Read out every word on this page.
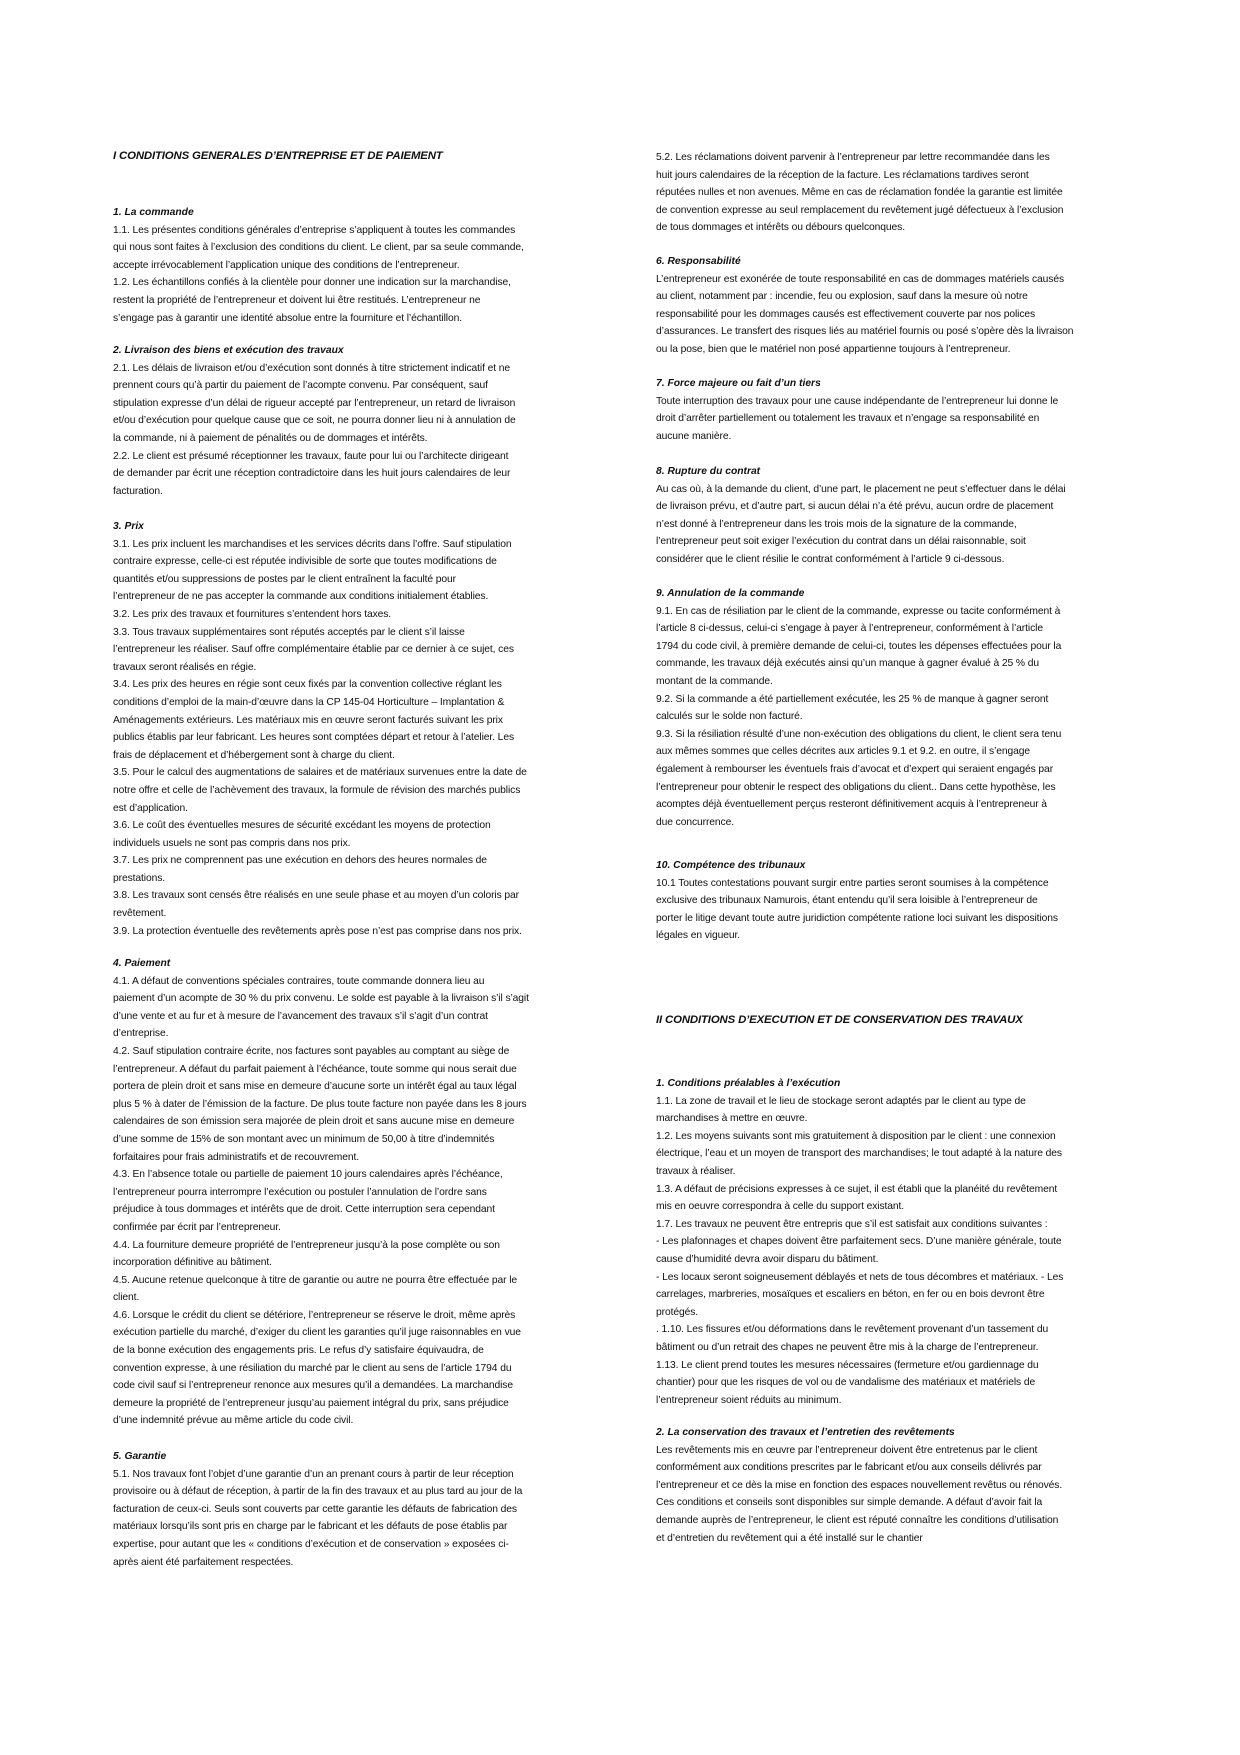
I CONDITIONS GENERALES D’ENTREPRISE ET DE PAIEMENT
1. La commande
1.1. Les présentes conditions générales d’entreprise s’appliquent à toutes les commandes
qui nous sont faites à l’exclusion des conditions du client. Le client, par sa seule commande,
accepte irrévocablement l’application unique des conditions de l’entrepreneur.
1.2. Les échantillons confiés à la clientèle pour donner une indication sur la marchandise,
restent la propriété de l’entrepreneur et doivent lui être restitués. L’entrepreneur ne
s’engage pas à garantir une identité absolue entre la fourniture et l’échantillon.
2. Livraison des biens et exécution des travaux
2.1. Les délais de livraison et/ou d’exécution sont donnés à titre strictement indicatif et ne
prennent cours qu’à partir du paiement de l’acompte convenu. Par conséquent, sauf
stipulation expresse d’un délai de rigueur accepté par l’entrepreneur, un retard de livraison
et/ou d’exécution pour quelque cause que ce soit, ne pourra donner lieu ni à annulation de
la commande, ni à paiement de pénalités ou de dommages et intérêts.
2.2. Le client est présumé réceptionner les travaux, faute pour lui ou l’architecte dirigeant
de demander par écrit une réception contradictoire dans les huit jours calendaires de leur
facturation.
3. Prix
3.1. Les prix incluent les marchandises et les services décrits dans l’offre. Sauf stipulation
contraire expresse, celle-ci est réputée indivisible de sorte que toutes modifications de
quantités et/ou suppressions de postes par le client entraînent la faculté pour
l’entrepreneur de ne pas accepter la commande aux conditions initialement établies.
3.2. Les prix des travaux et fournitures s’entendent hors taxes.
3.3. Tous travaux supplémentaires sont réputés acceptés par le client s’il laisse
l’entrepreneur les réaliser. Sauf offre complémentaire établie par ce dernier à ce sujet, ces
travaux seront réalisés en régie.
3.4. Les prix des heures en régie sont ceux fixés par la convention collective réglant les
conditions d’emploi de la main-d’œuvre dans la CP 145-04 Horticulture – Implantation &
Aménagements extérieurs. Les matériaux mis en œuvre seront facturés suivant les prix
publics établis par leur fabricant. Les heures sont comptées départ et retour à l’atelier. Les
frais de déplacement et d’hébergement sont à charge du client.
3.5. Pour le calcul des augmentations de salaires et de matériaux survenues entre la date de
notre offre et celle de l’achèvement des travaux, la formule de révision des marchés publics
est d’application.
3.6. Le coût des éventuelles mesures de sécurité excédant les moyens de protection
individuels usuels ne sont pas compris dans nos prix.
3.7. Les prix ne comprennent pas une exécution en dehors des heures normales de
prestations.
3.8. Les travaux sont censés être réalisés en une seule phase et au moyen d’un coloris par
revêtement.
3.9. La protection éventuelle des revêtements après pose n’est pas comprise dans nos prix.
4. Paiement
4.1. A défaut de conventions spéciales contraires, toute commande donnera lieu au
paiement d’un acompte de 30 % du prix convenu. Le solde est payable à la livraison s’il s’agit
d’une vente et au fur et à mesure de l’avancement des travaux s’il s’agit d’un contrat
d’entreprise.
4.2. Sauf stipulation contraire écrite, nos factures sont payables au comptant au siège de
l’entrepreneur. A défaut du parfait paiement à l’échéance, toute somme qui nous serait due
portera de plein droit et sans mise en demeure d’aucune sorte un intérêt égal au taux légal
plus 5 % à dater de l’émission de la facture. De plus toute facture non payée dans les 8 jours
calendaires de son émission sera majorée de plein droit et sans aucune mise en demeure
d’une somme de 15% de son montant avec un minimum de 50,00 à titre d’indemnités
forfaitaires pour frais administratifs et de recouvrement.
4.3. En l’absence totale ou partielle de paiement 10 jours calendaires après l’échéance,
l’entrepreneur pourra interrompre l’exécution ou postuler l’annulation de l’ordre sans
préjudice à tous dommages et intérêts que de droit. Cette interruption sera cependant
confirmée par écrit par l’entrepreneur.
4.4. La fourniture demeure propriété de l’entrepreneur jusqu’à la pose complète ou son
incorporation définitive au bâtiment.
4.5. Aucune retenue quelconque à titre de garantie ou autre ne pourra être effectuée par le
client.
4.6. Lorsque le crédit du client se détériore, l’entrepreneur se réserve le droit, même après
exécution partielle du marché, d’exiger du client les garanties qu’il juge raisonnables en vue
de la bonne exécution des engagements pris. Le refus d’y satisfaire équivaudra, de
convention expresse, à une résiliation du marché par le client au sens de l’article 1794 du
code civil sauf si l’entrepreneur renonce aux mesures qu’il a demandées. La marchandise
demeure la propriété de l’entrepreneur jusqu’au paiement intégral du prix, sans préjudice
d’une indemnité prévue au même article du code civil.
5. Garantie
5.1. Nos travaux font l’objet d’une garantie d’un an prenant cours à partir de leur réception
provisoire ou à défaut de réception, à partir de la fin des travaux et au plus tard au jour de la
facturation de ceux-ci. Seuls sont couverts par cette garantie les défauts de fabrication des
matériaux lorsqu’ils sont pris en charge par le fabricant et les défauts de pose établis par
expertise, pour autant que les « conditions d’exécution et de conservation » exposées ci-
après aient été parfaitement respectées.
II CONDITIONS D’EXECUTION ET DE CONSERVATION DES TRAVAUX
5.2. Les réclamations doivent parvenir à l’entrepreneur par lettre recommandée dans les
huit jours calendaires de la réception de la facture. Les réclamations tardives seront
réputées nulles et non avenues. Même en cas de réclamation fondée la garantie est limitée
de convention expresse au seul remplacement du revêtement jugé défectueux à l’exclusion
de tous dommages et intérêts ou débours quelconques.
6. Responsabilité
L’entrepreneur est exonérée de toute responsabilité en cas de dommages matériels causés
au client, notamment par : incendie, feu ou explosion, sauf dans la mesure où notre
responsabilité pour les dommages causés est effectivement couverte par nos polices
d’assurances. Le transfert des risques liés au matériel fournis ou posé s’opère dès la livraison
ou la pose, bien que le matériel non posé appartienne toujours à l’entrepreneur.
7. Force majeure ou fait d’un tiers
Toute interruption des travaux pour une cause indépendante de l’entrepreneur lui donne le
droit d’arrêter partiellement ou totalement les travaux et n’engage sa responsabilité en
aucune manière.
8. Rupture du contrat
Au cas où, à la demande du client, d’une part, le placement ne peut s’effectuer dans le délai
de livraison prévu, et d’autre part, si aucun délai n’a été prévu, aucun ordre de placement
n’est donné à l’entrepreneur dans les trois mois de la signature de la commande,
l’entrepreneur peut soit exiger l’exécution du contrat dans un délai raisonnable, soit
considérer que le client résilie le contrat conformément à l’article 9 ci-dessous.
9. Annulation de la commande
9.1. En cas de résiliation par le client de la commande, expresse ou tacite conformément à
l’article 8 ci-dessus, celui-ci s’engage à payer à l’entrepreneur, conformément à l’article
1794 du code civil, à première demande de celui-ci, toutes les dépenses effectuées pour la
commande, les travaux déjà exécutés ainsi qu’un manque à gagner évalué à 25 % du
montant de la commande.
9.2. Si la commande a été partiellement exécutée, les 25 % de manque à gagner seront
calculés sur le solde non facturé.
9.3. Si la résiliation résulté d’une non-exécution des obligations du client, le client sera tenu
aux mêmes sommes que celles décrites aux articles 9.1 et 9.2. en outre, il s’engage
également à rembourser les éventuels frais d’avocat et d’expert qui seraient engagés par
l’entrepreneur pour obtenir le respect des obligations du client.. Dans cette hypothèse, les
acomptes déjà éventuellement perçus resteront définitivement acquis à l’entrepreneur à
due concurrence.
10. Compétence des tribunaux
10.1 Toutes contestations pouvant surgir entre parties seront soumises à la compétence
exclusive des tribunaux Namurois, étant entendu qu’il sera loisible à l’entrepreneur de
porter le litige devant toute autre juridiction compétente ratione loci suivant les dispositions
légales en vigueur.
1. Conditions préalables à l’exécution
1.1. La zone de travail et le lieu de stockage seront adaptés par le client au type de
marchandises à mettre en œuvre.
1.2. Les moyens suivants sont mis gratuitement à disposition par le client : une connexion
électrique, l’eau et un moyen de transport des marchandises; le tout adapté à la nature des
travaux à réaliser.
1.3. A défaut de précisions expresses à ce sujet, il est établi que la planéité du revêtement
mis en oeuvre correspondra à celle du support existant.
1.7. Les travaux ne peuvent être entrepris que s’il est satisfait aux conditions suivantes :
- Les plafonnages et chapes doivent être parfaitement secs. D’une manière générale, toute
cause d’humidité devra avoir disparu du bâtiment.
- Les locaux seront soigneusement déblayés et nets de tous décombres et matériaux. - Les
carrelages, marbreries, mosaïques et escaliers en béton, en fer ou en bois devront être
protégés.
. 1.10. Les fissures et/ou déformations dans le revêtement provenant d’un tassement du
bâtiment ou d’un retrait des chapes ne peuvent être mis à la charge de l’entrepreneur.
1.13. Le client prend toutes les mesures nécessaires (fermeture et/ou gardiennage du
chantier) pour que les risques de vol ou de vandalisme des matériaux et matériels de
l’entrepreneur soient réduits au minimum.
2. La conservation des travaux et l’entretien des revêtements
Les revêtements mis en œuvre par l’entrepreneur doivent être entretenus par le client
conformément aux conditions prescrites par le fabricant et/ou aux conseils délivrés par
l’entrepreneur et ce dès la mise en fonction des espaces nouvellement revêtus ou rénovés.
Ces conditions et conseils sont disponibles sur simple demande. A défaut d’avoir fait la
demande auprès de l’entrepreneur, le client est réputé connaître les conditions d’utilisation
et d’entretien du revêtement qui a été installé sur le chantier
